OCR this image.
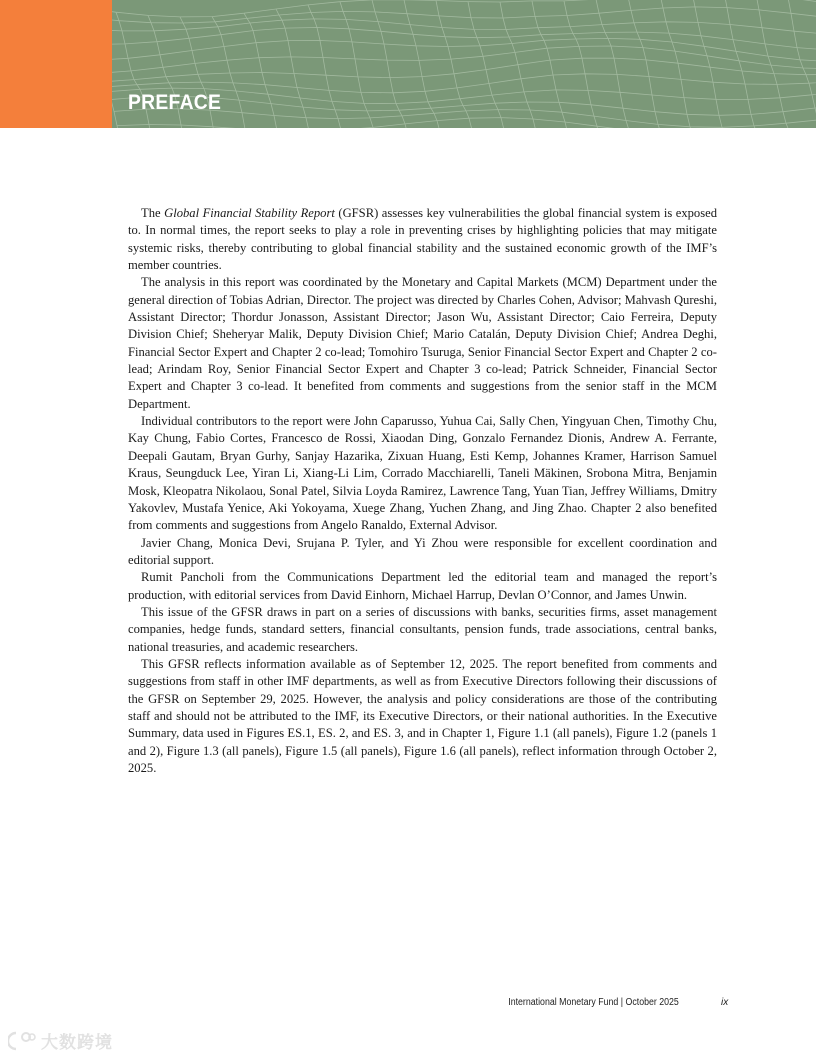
PREFACE

The Global Financial Stability Report (GFSR) assesses key vulnerabilities the global financial system is exposed to. In normal times, the report seeks to play a role in preventing crises by highlighting policies that may mitigate systemic risks, thereby contributing to global financial stability and the sustained economic growth of the IMF’s member countries.

The analysis in this report was coordinated by the Monetary and Capital Markets (MCM) Department under the general direction of Tobias Adrian, Director. The project was directed by Charles Cohen, Advisor; Mahvash Qureshi, Assistant Director; Thordur Jonasson, Assistant Director; Jason Wu, Assistant Director; Caio Ferreira, Deputy Division Chief; Sheheryar Malik, Deputy Division Chief; Mario Catalán, Deputy Division Chief; Andrea Deghi, Financial Sector Expert and Chapter 2 co-lead; Tomohiro Tsuruga, Senior Financial Sector Expert and Chapter 2 co-lead; Arindam Roy, Senior Financial Sector Expert and Chapter 3 co-lead; Patrick Schneider, Financial Sector Expert and Chapter 3 co-lead. It benefited from comments and suggestions from the senior staff in the MCM Department.

Individual contributors to the report were John Caparusso, Yuhua Cai, Sally Chen, Yingyuan Chen, Timothy Chu, Kay Chung, Fabio Cortes, Francesco de Rossi, Xiaodan Ding, Gonzalo Fernandez Dionis, Andrew A. Ferrante, Deepali Gautam, Bryan Gurhy, Sanjay Hazarika, Zixuan Huang, Esti Kemp, Johannes Kramer, Harrison Samuel Kraus, Seungduck Lee, Yiran Li, Xiang-Li Lim, Corrado Macchiarelli, Taneli Mäkinen, Srobona Mitra, Benjamin Mosk, Kleopatra Nikolaou, Sonal Patel, Silvia Loyda Ramirez, Lawrence Tang, Yuan Tian, Jeffrey Williams, Dmitry Yakovlev, Mustafa Yenice, Aki Yokoyama, Xuege Zhang, Yuchen Zhang, and Jing Zhao. Chapter 2 also benefited from comments and suggestions from Angelo Ranaldo, External Advisor.

Javier Chang, Monica Devi, Srujana P. Tyler, and Yi Zhou were responsible for excellent coordination and editorial support.

Rumit Pancholi from the Communications Department led the editorial team and managed the report’s production, with editorial services from David Einhorn, Michael Harrup, Devlan O’Connor, and James Unwin.

This issue of the GFSR draws in part on a series of discussions with banks, securities firms, asset management companies, hedge funds, standard setters, financial consultants, pension funds, trade associations, central banks, national treasuries, and academic researchers.

This GFSR reflects information available as of September 12, 2025. The report benefited from comments and suggestions from staff in other IMF departments, as well as from Executive Directors following their discussions of the GFSR on September 29, 2025. However, the analysis and policy considerations are those of the contributing staff and should not be attributed to the IMF, its Executive Directors, or their national authorities. In the Executive Summary, data used in Figures ES.1, ES. 2, and ES. 3, and in Chapter 1, Figure 1.1 (all panels), Figure 1.2 (panels 1 and 2), Figure 1.3 (all panels), Figure 1.5 (all panels), Figure 1.6 (all panels), reflect information through October 2, 2025.

International Monetary Fund | October 2025	ix
大数跨境
